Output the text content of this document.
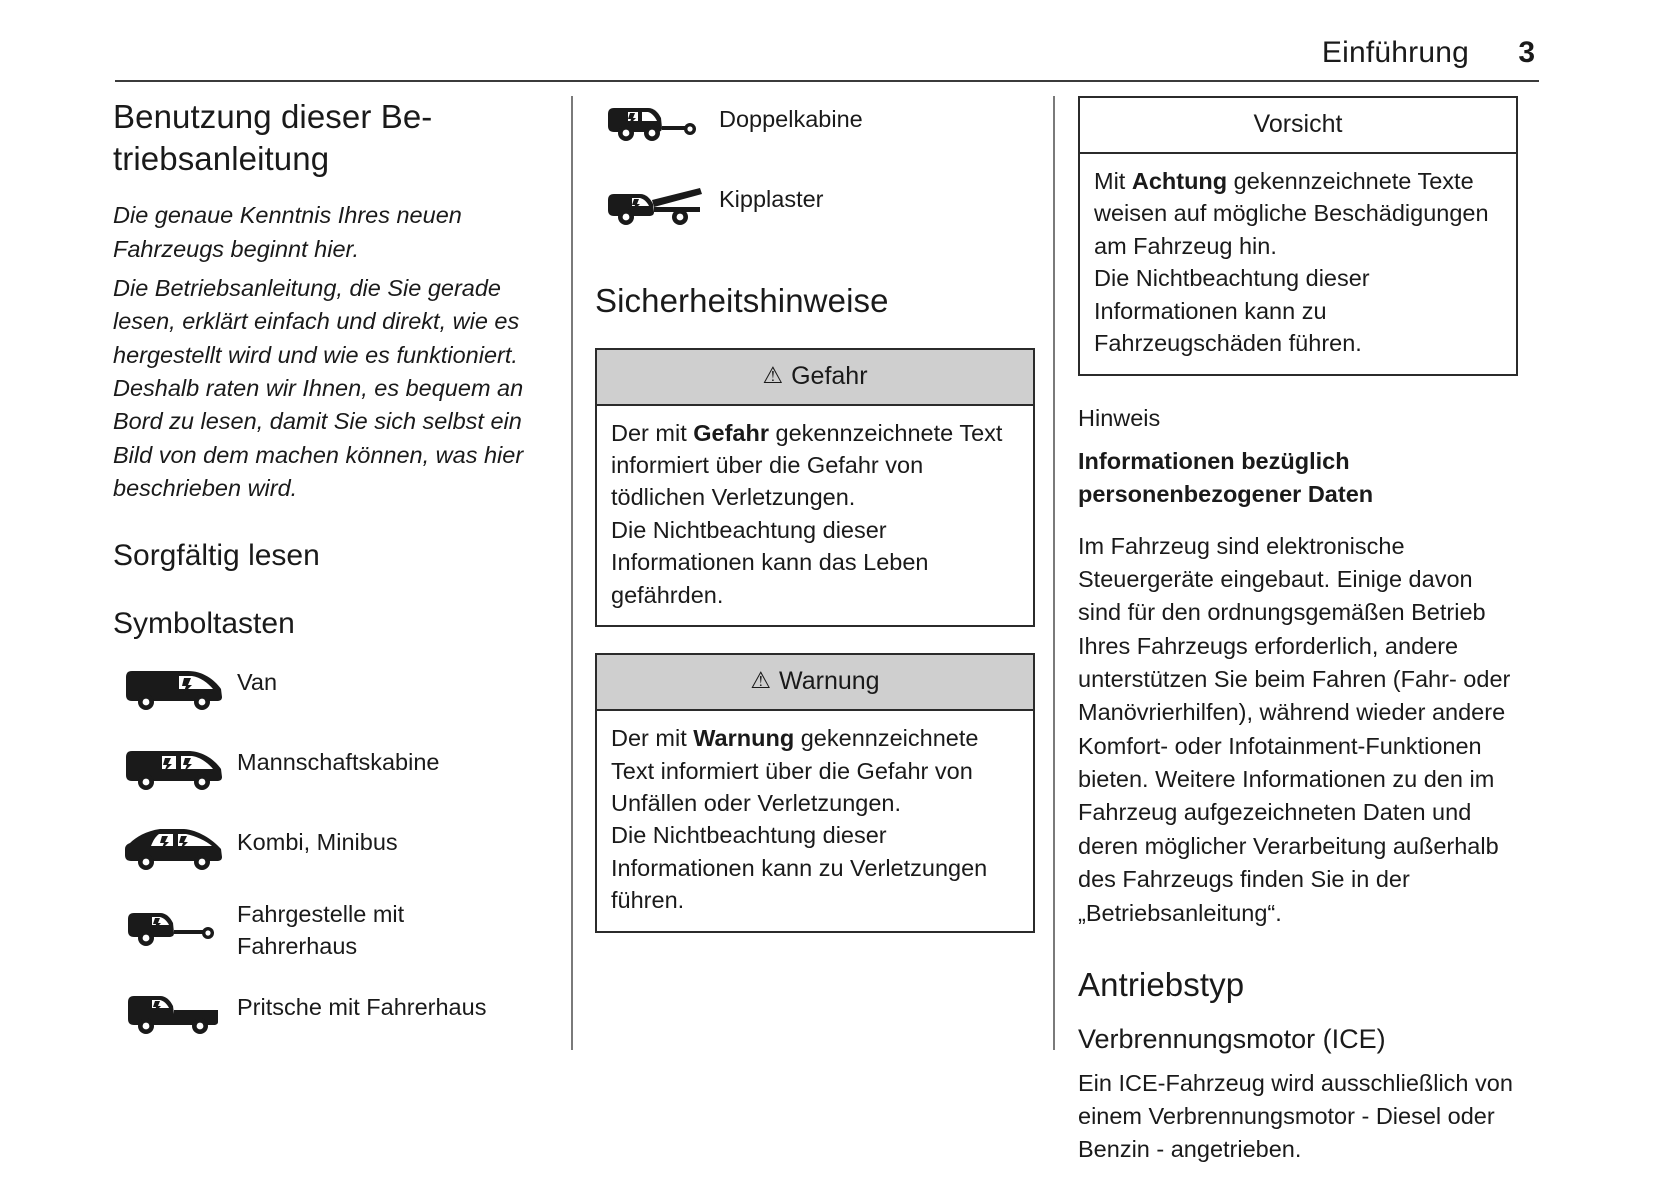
Einführung	3
Benutzung dieser Be-
triebsanleitung

Die genaue Kenntnis Ihres neuen Fahrzeugs beginnt hier.

Die Betriebsanleitung, die Sie gerade lesen, erklärt einfach und direkt, wie es hergestellt wird und wie es funktioniert. Deshalb raten wir Ihnen, es bequem an Bord zu lesen, damit Sie sich selbst ein Bild von dem machen können, was hier beschrieben wird.

Sorgfältig lesen
Symboltasten
Van
Mannschaftskabine
Kombi, Minibus
Fahrgestelle mit
Fahrerhaus
Pritsche mit Fahrerhaus
Doppelkabine
Kipplaster
Sicherheitshinweise
⚠ Gefahr

Der mit Gefahr gekennzeichnete Text informiert über die Gefahr von tödlichen Verletzungen.

Die Nichtbeachtung dieser Informationen kann das Leben gefährden.

⚠ Warnung

Der mit Warnung gekennzeichnete Text informiert über die Gefahr von Unfällen oder Verletzungen.

Die Nichtbeachtung dieser Informationen kann zu Verletzungen führen.

Vorsicht

Mit Achtung gekennzeichnete Texte weisen auf mögliche Beschädigungen am Fahrzeug hin.

Die Nichtbeachtung dieser Informationen kann zu Fahrzeugschäden führen.

Hinweis

Informationen bezüglich
personenbezogener Daten

Im Fahrzeug sind elektronische Steuergeräte eingebaut. Einige davon sind für den ordnungsgemäßen Betrieb Ihres Fahrzeugs erforderlich, andere unterstützen Sie beim Fahren (Fahr- oder Manövrierhilfen), während wieder andere Komfort- oder Infotainment-Funktionen bieten. Weitere Informationen zu den im Fahrzeug aufgezeichneten Daten und deren möglicher Verarbeitung außerhalb des Fahrzeugs finden Sie in der „Betriebsanleitung“.

Antriebstyp
Verbrennungsmotor (ICE)

Ein ICE-Fahrzeug wird ausschließlich von einem Verbrennungsmotor - Diesel oder Benzin - angetrieben.
